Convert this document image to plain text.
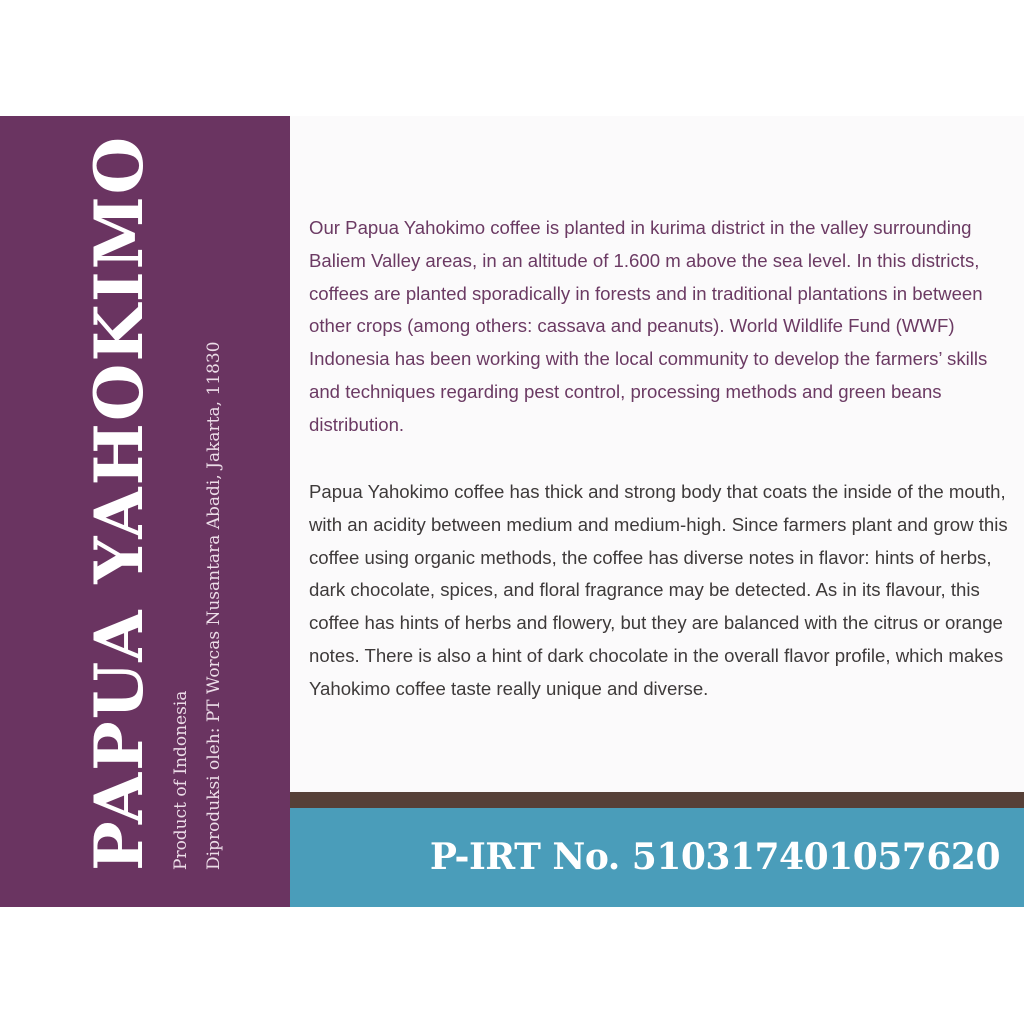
PAPUA YAHOKIMO Product of Indonesia Diproduksi oleh: PT Worcas Nusantara Abadi, Jakarta, 11830

Our Papua Yahokimo coffee is planted in kurima district in the valley surrounding Baliem Valley areas, in an altitude of 1.600 m above the sea level. In this districts, coffees are planted sporadically in forests and in traditional plantations in between other crops (among others: cassava and peanuts). World Wildlife Fund (WWF) Indonesia has been working with the local community to develop the farmers’ skills and techniques regarding pest control, processing methods and green beans distribution.

Papua Yahokimo coffee has thick and strong body that coats the inside of the mouth, with an acidity between medium and medium-high. Since farmers plant and grow this coffee using organic methods, the coffee has diverse notes in flavor: hints of herbs, dark chocolate, spices, and floral fragrance may be detected. As in its flavour, this coffee has hints of herbs and flowery, but they are balanced with the citrus or orange notes. There is also a hint of dark chocolate in the overall flavor profile, which makes Yahokimo coffee taste really unique and diverse.

P-IRT No. 510317401057620
